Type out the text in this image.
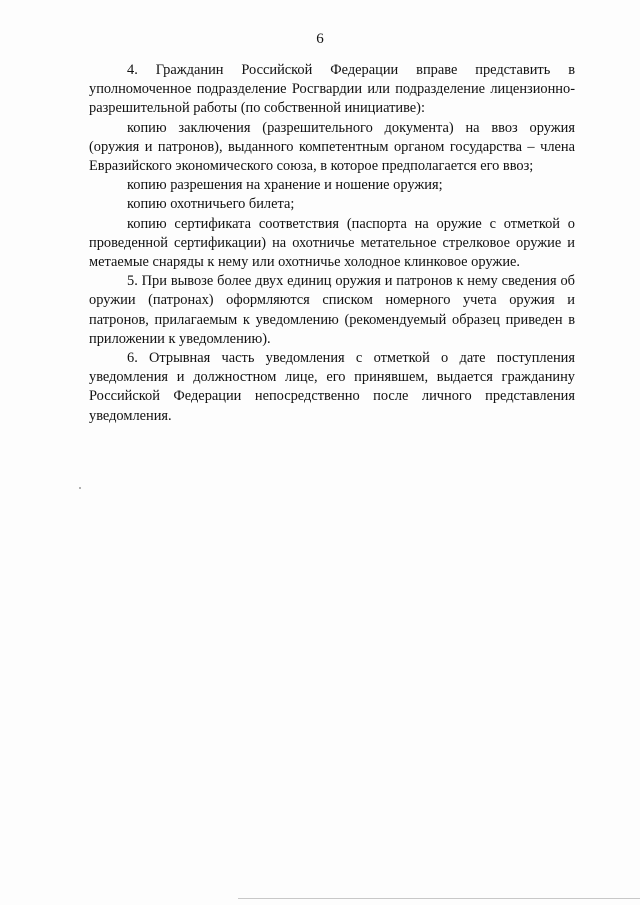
6

4. Гражданин Российской Федерации вправе представить в уполномоченное подразделение Росгвардии или подразделение лицензионно-разрешительной работы (по собственной инициативе):

копию заключения (разрешительного документа) на ввоз оружия (оружия и патронов), выданного компетентным органом государства – члена Евразийского экономического союза, в которое предполагается его ввоз;

копию разрешения на хранение и ношение оружия;

копию охотничьего билета;

копию сертификата соответствия (паспорта на оружие с отметкой о проведенной сертификации) на охотничье метательное стрелковое оружие и метаемые снаряды к нему или охотничье холодное клинковое оружие.

5. При вывозе более двух единиц оружия и патронов к нему сведения об оружии (патронах) оформляются списком номерного учета оружия и патронов, прилагаемым к уведомлению (рекомендуемый образец приведен в приложении к уведомлению).

6. Отрывная часть уведомления с отметкой о дате поступления уведомления и должностном лице, его принявшем, выдается гражданину Российской Федерации непосредственно после личного представления уведомления.
